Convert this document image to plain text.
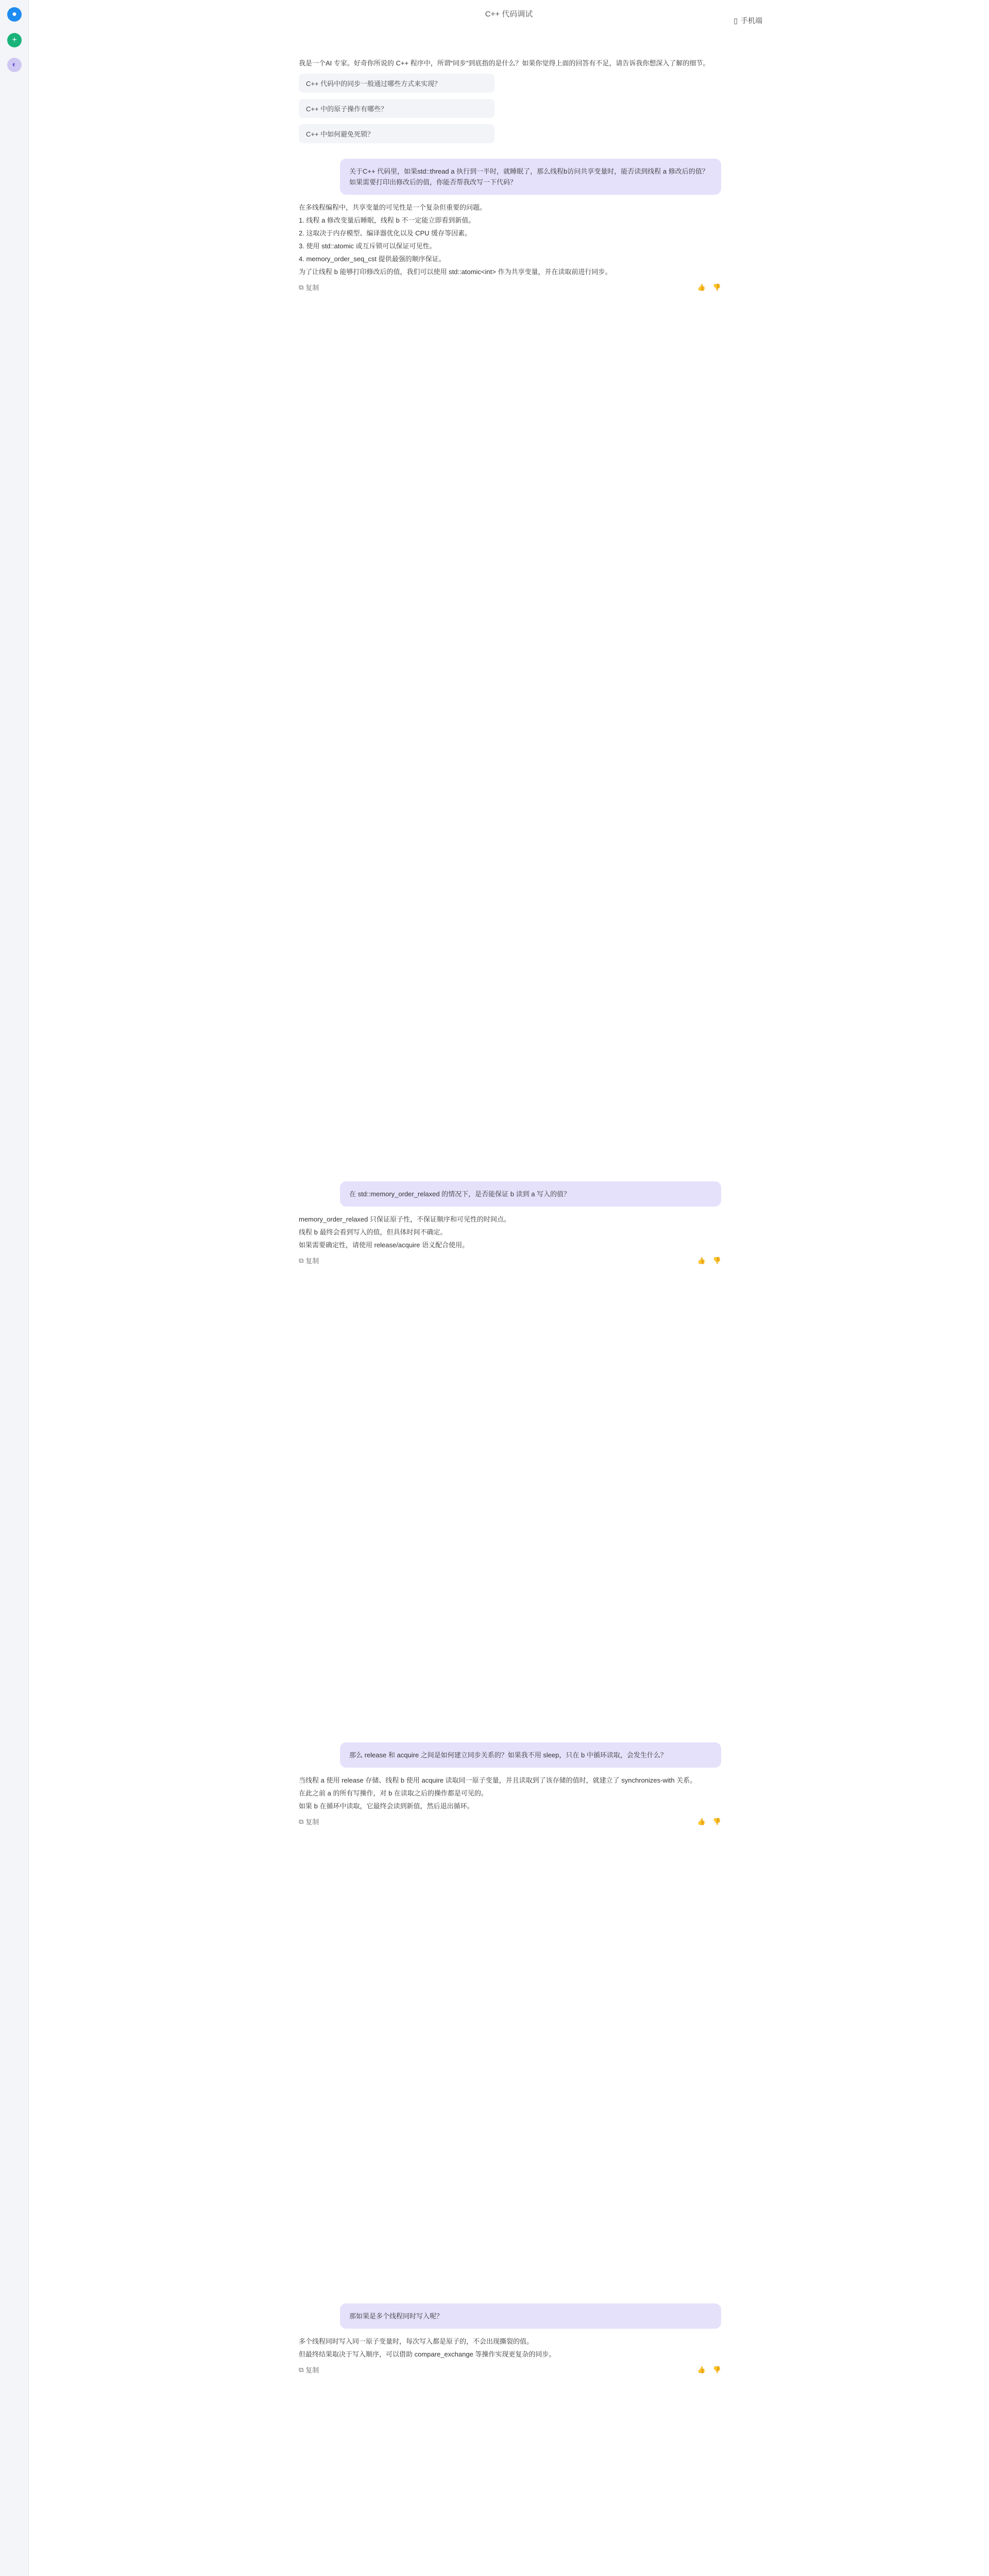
●
+
◐
C++ 代码调试
▯ 手机端

我是一个AI 专家。好奇你所说的 C++ 程序中，所谓“同步”到底指的是什么？如果你觉得上面的回答有不足，请告诉我你想深入了解的细节。

C++ 代码中的同步一般通过哪些方式来实现？
C++ 中的原子操作有哪些？
C++ 中如何避免死锁？
关于C++ 代码里，如果std::thread a 执行到一半时，就睡眠了，那么线程b访问共享变量时，能否读到线程 a 修改后的值？如果需要打印出修改后的值，你能否帮我改写一下代码？

在多线程编程中，共享变量的可见性是一个复杂但重要的问题。

1. 线程 a 修改变量后睡眠，线程 b 不一定能立即看到新值。

2. 这取决于内存模型、编译器优化以及 CPU 缓存等因素。

3. 使用 std::atomic 或互斥锁可以保证可见性。

4. memory_order_seq_cst 提供最强的顺序保证。

为了让线程 b 能够打印修改后的值，我们可以使用 std::atomic<int> 作为共享变量，并在读取前进行同步。

⧉ 复制	👍 👎
在 std::memory_order_relaxed 的情况下，是否能保证 b 读到 a 写入的值？

memory_order_relaxed 只保证原子性，不保证顺序和可见性的时间点。

线程 b 最终会看到写入的值，但具体时间不确定。

如果需要确定性，请使用 release/acquire 语义配合使用。

⧉ 复制	👍 👎
那么 release 和 acquire 之间是如何建立同步关系的？如果我不用 sleep，只在 b 中循环读取，会发生什么？

当线程 a 使用 release 存储、线程 b 使用 acquire 读取同一原子变量，并且读取到了该存储的值时，就建立了 synchronizes-with 关系。

在此之前 a 的所有写操作，对 b 在读取之后的操作都是可见的。

如果 b 在循环中读取，它最终会读到新值，然后退出循环。

⧉ 复制	👍 👎
那如果是多个线程同时写入呢？

多个线程同时写入同一原子变量时，每次写入都是原子的，不会出现撕裂的值。

但最终结果取决于写入顺序，可以借助 compare_exchange 等操作实现更复杂的同步。

⧉ 复制	👍 👎
